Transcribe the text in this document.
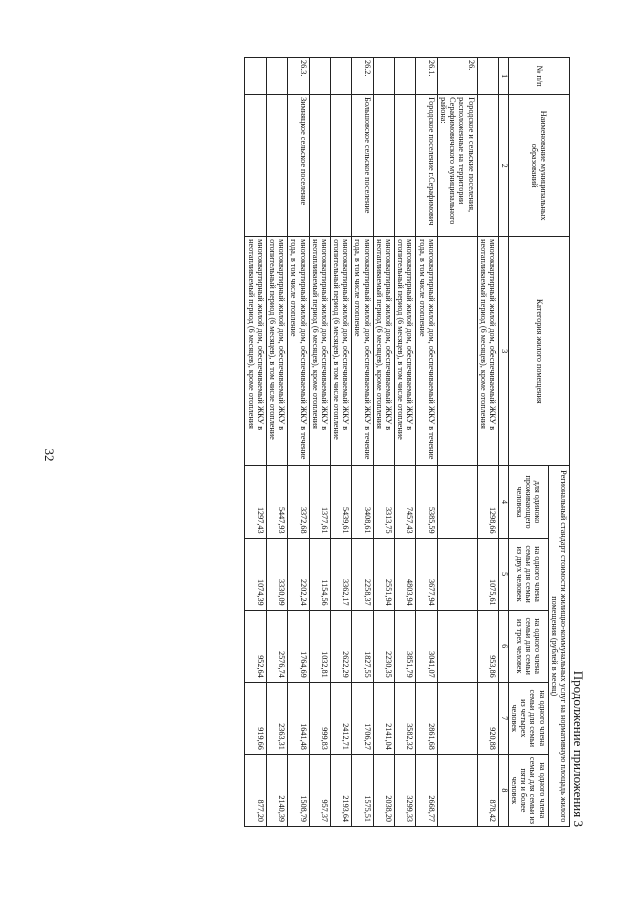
32
Продолжение приложения 3
№ п/п	Наименование муниципальных образований	Категория жилого помещения	Региональный стандарт стоимости жилищно-коммунальных услуг на нормативную площадь жилого помещения (рублей в месяц)				
			для одиноко проживающего человека	на одного члена семьи для семьи из двух человек	на одного члена семьи для семьи из трех человек	на одного члена семьи для семьи из четырех человек	на одного члена семьи для семьи из пяти и более человек
1	2	3	4	5	6	7	8
		многоквартирный жилой дом, обеспечиваемый ЖКУ в неотапливаемый период (6 месяцев), кроме отопления	1298,66	1075,61	953,86	920,88	878,42
26.	Городское и сельские поселения, расположенные на территории Серафимовичского муниципального района:						
26.1.	Городское поселение г.Серафимович	многоквартирный жилой дом, обеспечиваемый ЖКУ в течение года, в том числе отопление	5385,59	3677,94	3041,07	2861,68	2668,77
		многоквартирный жилой дом, обеспечиваемый ЖКУ в отопительный период (6 месяцев), в том числе отопление	7457,43	4803,94	3851,79	3582,32	3299,33
		многоквартирный жилой дом, обеспечиваемый ЖКУ в неотапливаемый период (6 месяцев), кроме отопления	3313,75	2551,94	2230,35	2141,04	2038,20
26.2.	Большовское сельское поселение	многоквартирный жилой дом, обеспечиваемый ЖКУ в течение года, в том числе отопление	3408,61	2258,37	1827,55	1706,27	1575,51
		многоквартирный жилой дом, обеспечиваемый ЖКУ в отопительный период (6 месяцев), в том числе отопление	5439,61	3362,17	2622,29	2412,71	2193,64
		многоквартирный жилой дом, обеспечиваемый ЖКУ в неотапливаемый период (6 месяцев), кроме отопления	1377,61	1154,56	1032,81	999,83	957,37
26.3.	Зимняцкое сельское поселение	многоквартирный жилой дом, обеспечиваемый ЖКУ в течение года, в том числе отопление	3372,68	2202,24	1764,69	1641,48	1508,79
		многоквартирный жилой дом, обеспечиваемый ЖКУ в отопительный период (6 месяцев), в том числе отопление	5447,93	3330,09	2576,74	2363,31	2140,39
		многоквартирный жилой дом, обеспечиваемый ЖКУ в неотапливаемый период (6 месяцев), кроме отопления	1297,43	1074,39	952,64	919,66	877,20
